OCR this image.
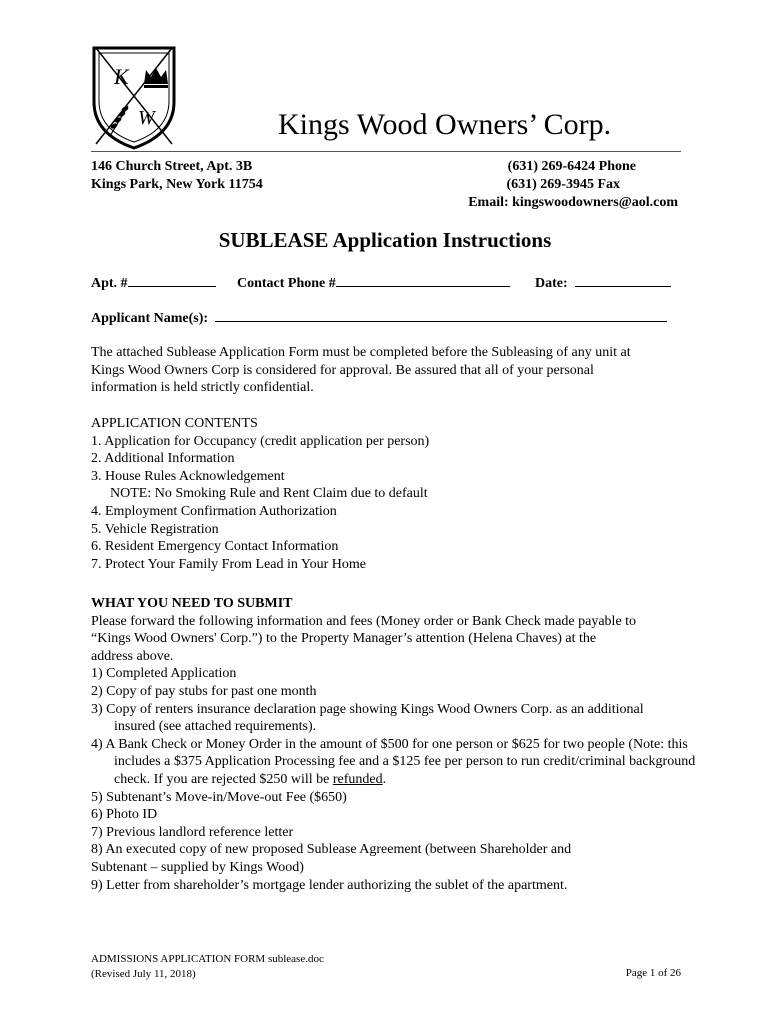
K
W	Kings Wood Owners’ Corp.
146 Church Street, Apt. 3B
Kings Park, New York 11754
(631) 269-6424 Phone
(631) 269-3945 Fax
Email: kingswoodowners@aol.com
SUBLEASE Application Instructions
Apt. #	Contact Phone #	Date:
Applicant Name(s):
The attached Sublease Application Form must be completed before the Subleasing of any unit at
Kings Wood Owners Corp is considered for approval. Be assured that all of your personal
information is held strictly confidential.
APPLICATION CONTENTS
1. Application for Occupancy (credit application per person)
2. Additional Information
3. House Rules Acknowledgement
NOTE: No Smoking Rule and Rent Claim due to default
4. Employment Confirmation Authorization
5. Vehicle Registration
6. Resident Emergency Contact Information
7. Protect Your Family From Lead in Your Home
WHAT YOU NEED TO SUBMIT
Please forward the following information and fees (Money order or Bank Check made payable to
“Kings Wood Owners' Corp.”) to the Property Manager’s attention (Helena Chaves) at the
address above.
1) Completed Application
2) Copy of pay stubs for past one month
3) Copy of renters insurance declaration page showing Kings Wood Owners Corp. as an additional insured (see attached requirements).
4) A Bank Check or Money Order in the amount of $500 for one person or $625 for two people (Note: this includes a $375 Application Processing fee and a $125 fee per person to run credit/criminal background check. If you are rejected $250 will be refunded.
5) Subtenant’s Move-in/Move-out Fee ($650)
6) Photo ID
7) Previous landlord reference letter
8) An executed copy of new proposed Sublease Agreement (between Shareholder and
Subtenant – supplied by Kings Wood)
9) Letter from shareholder’s mortgage lender authorizing the sublet of the apartment.
ADMISSIONS APPLICATION FORM sublease.doc
(Revised July 11, 2018)	Page 1 of 26
